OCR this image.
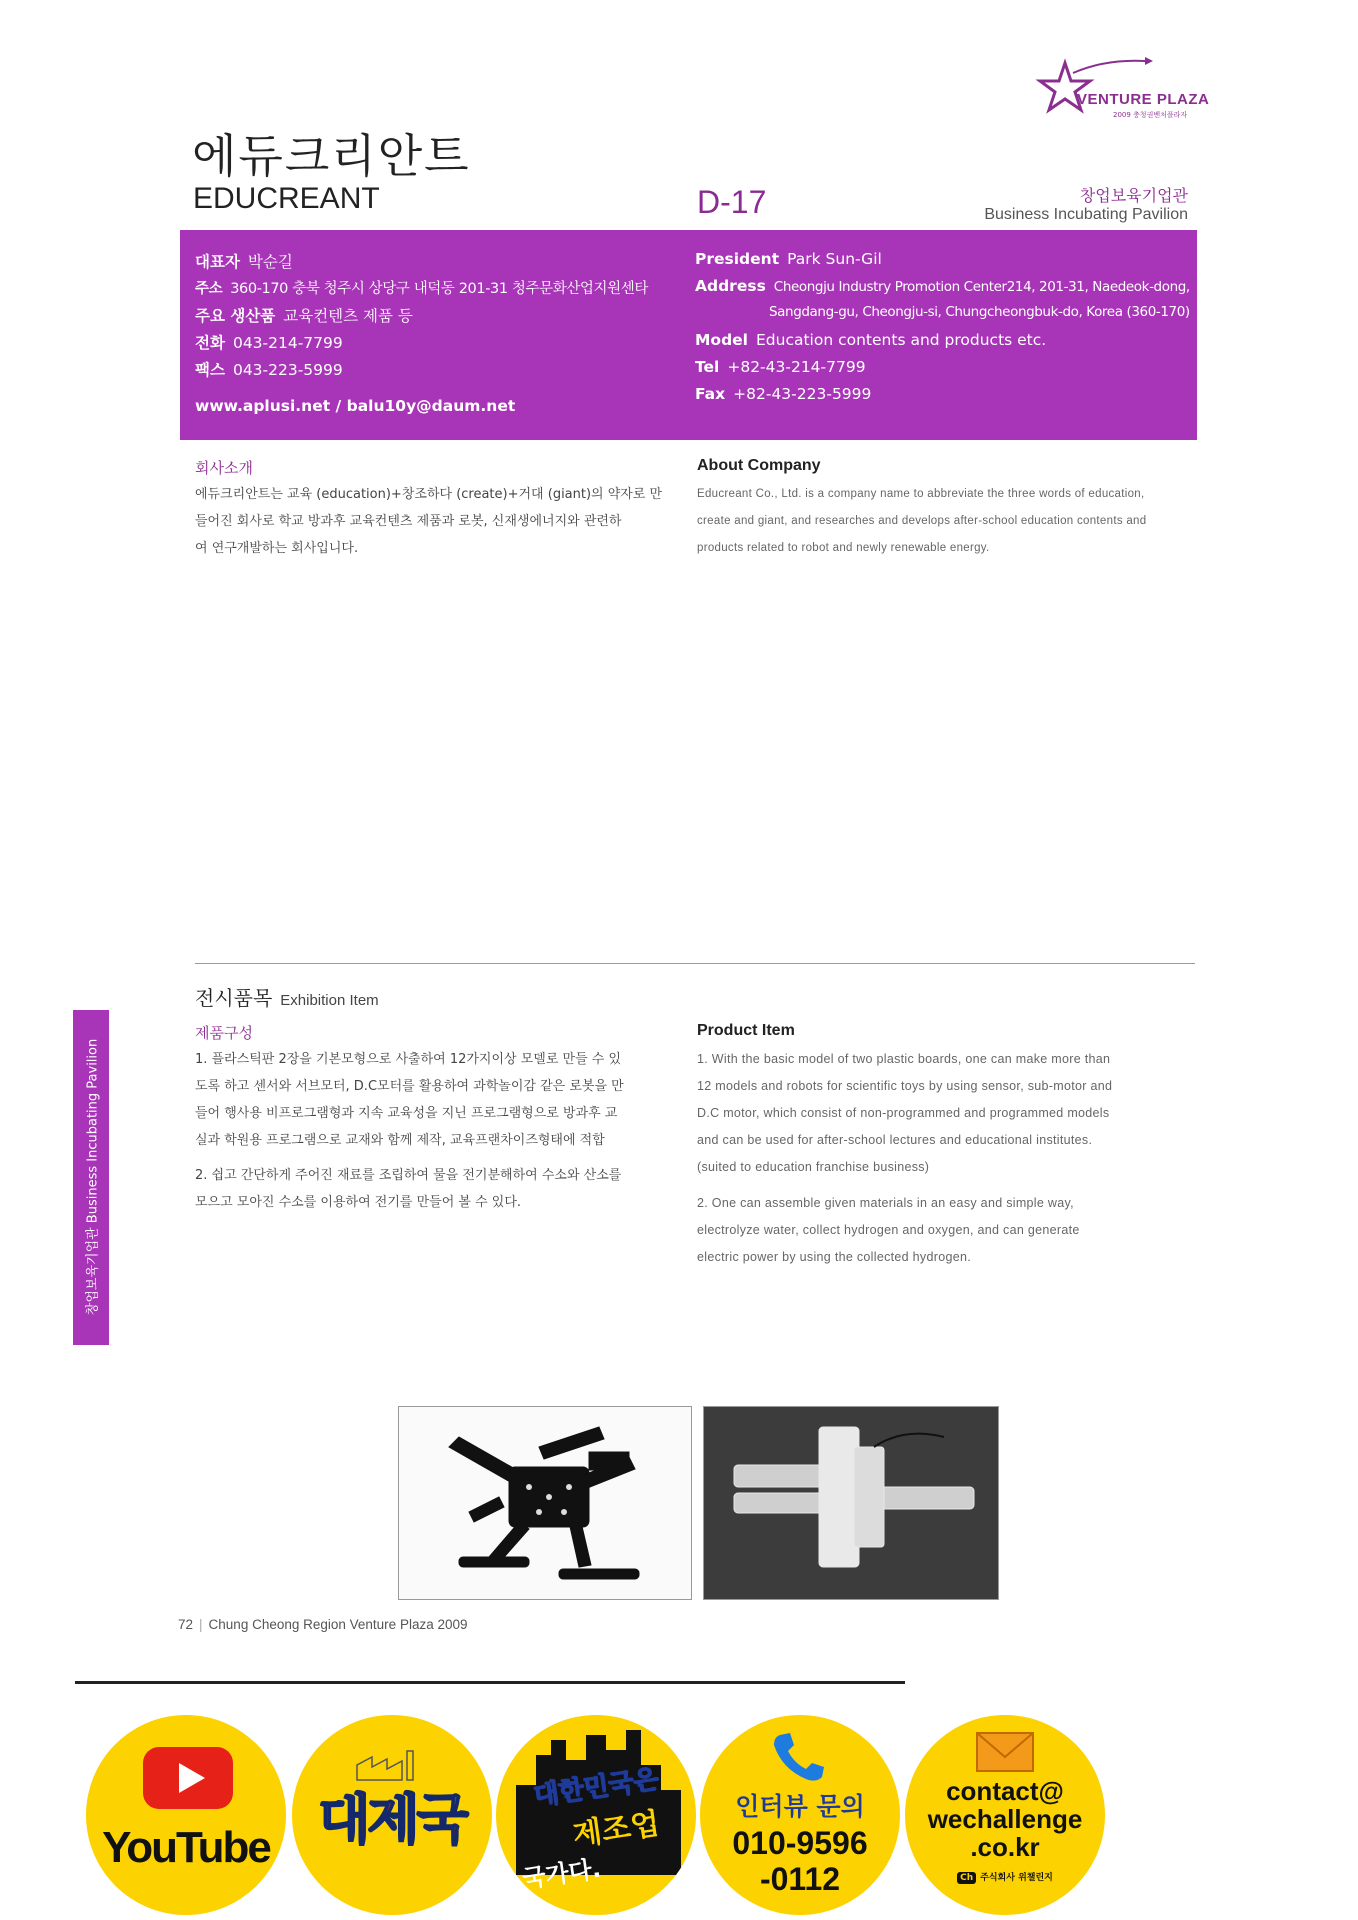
VENTURE PLAZA
2009 충청권벤처플라자
에듀크리안트
EDUCREANT	D-17	창업보육기업관
Business Incubating Pavilion
대표자 박순길
주소 360-170 충북 청주시 상당구 내덕동 201-31 청주문화산업지원센타
주요 생산품 교육컨텐츠 제품 등
전화 043-214-7799
팩스 043-223-5999
www.aplusi.net / balu10y@daum.net
President Park Sun-Gil
Address Cheongju Industry Promotion Center214, 201-31, Naedeok-dong,
Sangdang-gu, Cheongju-si, Chungcheongbuk-do, Korea (360-170)
Model Education contents and products etc.
Tel +82-43-214-7799
Fax +82-43-223-5999
회사소개
에듀크리안트는 교육 (education)+창조하다 (create)+거대 (giant)의 약자로 만
들어진 회사로 학교 방과후 교육컨텐츠 제품과 로봇, 신재생에너지와 관련하
여 연구개발하는 회사입니다.
About Company
Educreant Co., Ltd. is a company name to abbreviate the three words of education,
create and giant, and researches and develops after-school education contents and
products related to robot and newly renewable energy.
전시품목 Exhibition Item
제품구성
1. 플라스틱판 2장을 기본모형으로 사출하여 12가지이상 모델로 만들 수 있
도록 하고 센서와 서브모터, D.C모터를 활용하여 과학놀이감 같은 로봇을 만
들어 행사용 비프로그램형과 지속 교육성을 지닌 프로그램형으로 방과후 교
실과 학원용 프로그램으로 교재와 함께 제작, 교육프랜차이즈형태에 적합
2. 쉽고 간단하게 주어진 재료를 조립하여 물을 전기분해하여 수소와 산소를
모으고 모아진 수소를 이용하여 전기를 만들어 볼 수 있다.
Product Item
1. With the basic model of two plastic boards, one can make more than
12 models and robots for scientific toys by using sensor, sub-motor and
D.C motor, which consist of non-programmed and programmed models
and can be used for after-school lectures and educational institutes.
(suited to education franchise business)
2. One can assemble given materials in an easy and simple way,
electrolyze water, collect hydrogen and oxygen, and can generate
electric power by using the collected hydrogen.
창업보육기업관 Business Incubating Pavilion
72 | Chung Cheong Region Venture Plaza 2009
YouTube 대제국
대한민국은
제조업
국가다.
인터뷰 문의
010-9596
-0112
contact@
wechallenge
.co.kr
Ch 주식회사 위챌린지
